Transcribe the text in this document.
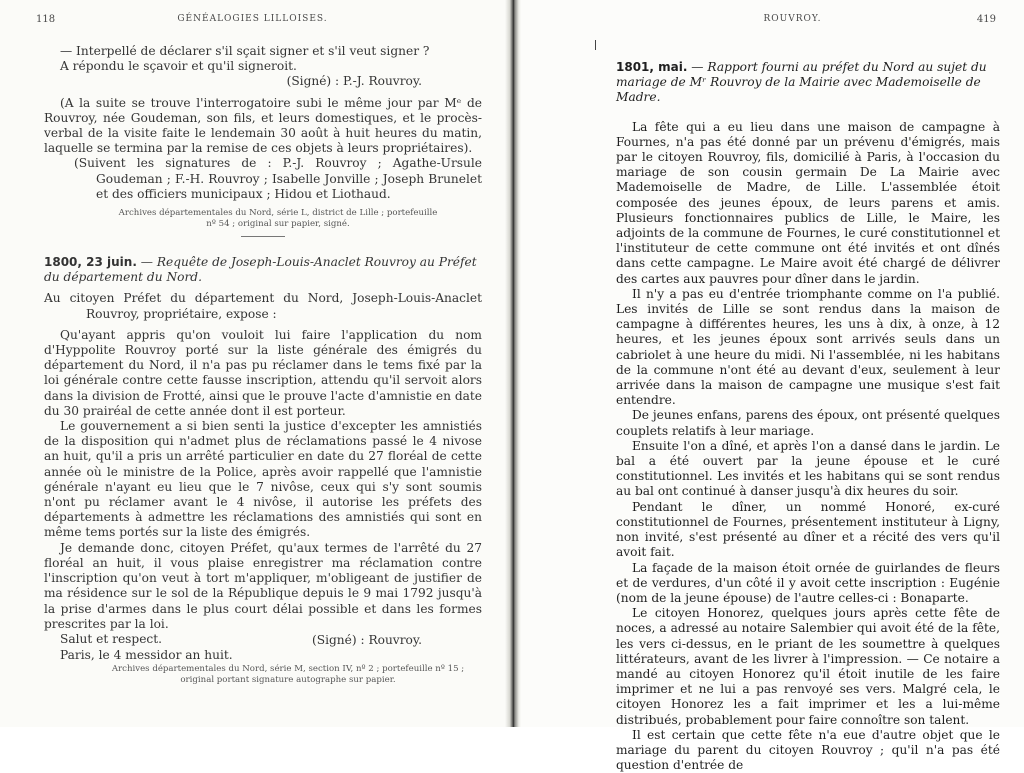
118	GÉNÉALOGIES LILLOISES.

— Interpellé de déclarer s'il sçait signer et s'il veut signer ?

A répondu le sçavoir et qu'il signeroit.

(Signé) : P.-J. Rouvroy.

(A la suite se trouve l'interrogatoire subi le même jour par Mᵉ de Rouvroy, née Goudeman, son fils, et leurs domestiques, et le procès-verbal de la visite faite le lendemain 30 août à huit heures du matin, laquelle se termina par la remise de ces objets à leurs propriétaires).

(Suivent les signatures de : P.-J. Rouvroy ; Agathe-Ursule Goudeman ; F.-H. Rouvroy ; Isabelle Jonville ; Joseph Brunelet et des officiers municipaux ; Hidou et Liothaud.

Archives départementales du Nord, série L, district de Lille ; portefeuille nº 54 ; original sur papier, signé.

1800, 23 juin. — Requête de Joseph-Louis-Anaclet Rouvroy au Préfet du département du Nord.

Au citoyen Préfet du département du Nord, Joseph-Louis-Anaclet Rouvroy, propriétaire, expose :

Qu'ayant appris qu'on vouloit lui faire l'application du nom d'Hyppolite Rouvroy porté sur la liste générale des émigrés du département du Nord, il n'a pas pu réclamer dans le tems fixé par la loi générale contre cette fausse inscription, attendu qu'il servoit alors dans la division de Frotté, ainsi que le prouve l'acte d'amnistie en date du 30 prairéal de cette année dont il est porteur.

Le gouvernement a si bien senti la justice d'excepter les amnistiés de la disposition qui n'admet plus de réclamations passé le 4 nivose an huit, qu'il a pris un arrêté particulier en date du 27 floréal de cette année où le ministre de la Police, après avoir rappellé que l'amnistie générale n'ayant eu lieu que le 7 nivôse, ceux qui s'y sont soumis n'ont pu réclamer avant le 4 nivôse, il autorise les préfets des départements à admettre les réclamations des amnistiés qui sont en même tems portés sur la liste des émigrés.

Je demande donc, citoyen Préfet, qu'aux termes de l'arrêté du 27 floréal an huit, il vous plaise enregistrer ma réclamation contre l'inscription qu'on veut à tort m'appliquer, m'obligeant de justifier de ma résidence sur le sol de la République depuis le 9 mai 1792 jusqu'à la prise d'armes dans le plus court délai possible et dans les formes prescrites par la loi.

Salut et respect.	(Signé) : Rouvroy.

Paris, le 4 messidor an huit.

Archives départementales du Nord, série M, section IV, nº 2 ; portefeuille nº 15 ; original portant signature autographe sur papier.

ROUVROY.	419

1801, mai. — Rapport fourni au préfet du Nord au sujet du mariage de Mʳ Rouvroy de la Mairie avec Mademoiselle de Madre.

La fête qui a eu lieu dans une maison de campagne à Fournes, n'a pas été donné par un prévenu d'émigrés, mais par le citoyen Rouvroy, fils, domicilié à Paris, à l'occasion du mariage de son cousin germain De La Mairie avec Mademoiselle de Madre, de Lille. L'assemblée étoit composée des jeunes époux, de leurs parens et amis. Plusieurs fonctionnaires publics de Lille, le Maire, les adjoints de la commune de Fournes, le curé constitutionnel et l'instituteur de cette commune ont été invités et ont dînés dans cette campagne. Le Maire avoit été chargé de délivrer des cartes aux pauvres pour dîner dans le jardin.

Il n'y a pas eu d'entrée triomphante comme on l'a publié. Les invités de Lille se sont rendus dans la maison de campagne à différentes heures, les uns à dix, à onze, à 12 heures, et les jeunes époux sont arrivés seuls dans un cabriolet à une heure du midi. Ni l'assemblée, ni les habitans de la commune n'ont été au devant d'eux, seulement à leur arrivée dans la maison de campagne une musique s'est fait entendre.

De jeunes enfans, parens des époux, ont présenté quelques couplets relatifs à leur mariage.

Ensuite l'on a dîné, et après l'on a dansé dans le jardin. Le bal a été ouvert par la jeune épouse et le curé constitutionnel. Les invités et les habitans qui se sont rendus au bal ont continué à danser jusqu'à dix heures du soir.

Pendant le dîner, un nommé Honoré, ex-curé constitutionnel de Fournes, présentement instituteur à Ligny, non invité, s'est présenté au dîner et a récité des vers qu'il avoit fait.

La façade de la maison étoit ornée de guirlandes de fleurs et de verdures, d'un côté il y avoit cette inscription : Eugénie (nom de la jeune épouse) de l'autre celles-ci : Bonaparte.

Le citoyen Honorez, quelques jours après cette fête de noces, a adressé au notaire Salembier qui avoit été de la fête, les vers ci-dessus, en le priant de les soumettre à quelques littérateurs, avant de les livrer à l'impression. — Ce notaire a mandé au citoyen Honorez qu'il étoit inutile de les faire imprimer et ne lui a pas renvoyé ses vers. Malgré cela, le citoyen Honorez les a fait imprimer et les a lui-même distribués, probablement pour faire connoître son talent.

Il est certain que cette fête n'a eue d'autre objet que le mariage du parent du citoyen Rouvroy ; qu'il n'a pas été question d'entrée de
